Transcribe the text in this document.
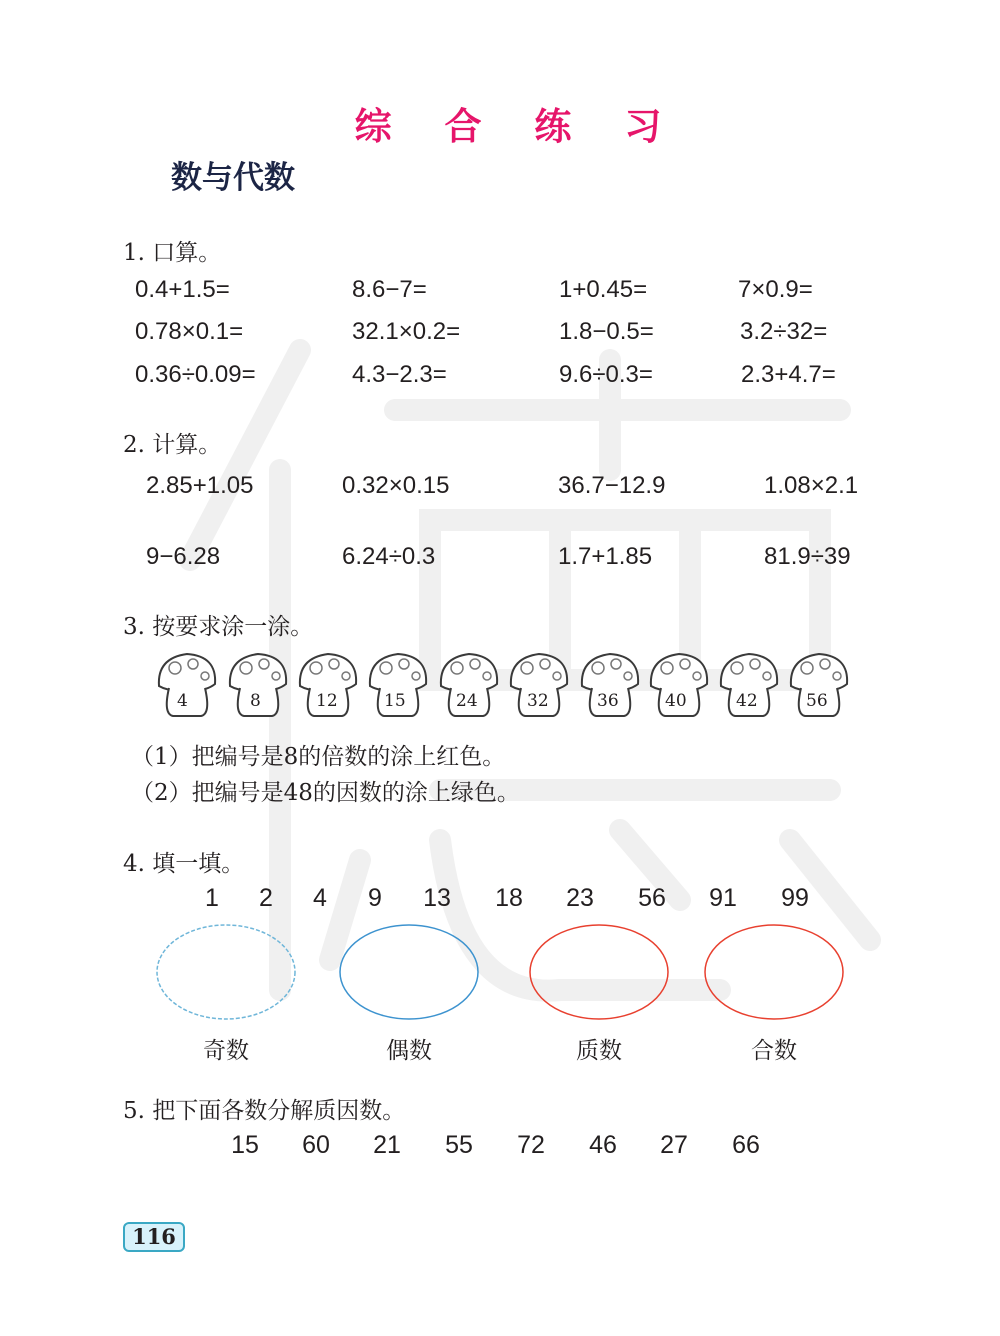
综 合 练 习
数与代数
1. 口算。
0.4+1.5=	8.6−7=	1+0.45=	7×0.9=
0.78×0.1=	32.1×0.2=	1.8−0.5=	3.2÷32=
0.36÷0.09=	4.3−2.3=	9.6÷0.3=	2.3+4.7=
2. 计算。
2.85+1.05	0.32×0.15	36.7−12.9	1.08×2.1
9−6.28	6.24÷0.3	1.7+1.85	81.9÷39
3. 按要求涂一涂。
4	8	12	15	24	32	36	40	42	56
（1）把编号是8的倍数的涂上红色。
（2）把编号是48的因数的涂上绿色。
4. 填一填。
1	2	4	9	13	18	23	56	91	99
奇数	偶数	质数	合数
5. 把下面各数分解质因数。
15	60	21	55	72	46	27	66
116
